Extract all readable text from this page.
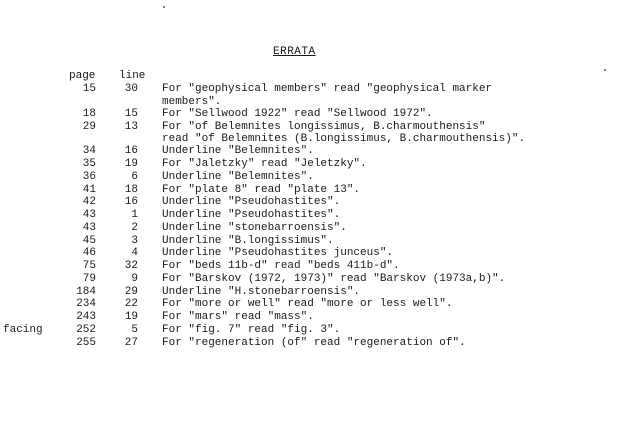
ERRATA
page line
15	30 For "geophysical members" read "geophysical marker
members".
18	15 For "Sellwood 1922" read "Sellwood 1972".
29	13 For "of Belemnites longissimus, B.charmouthensis"
read "of Belemnites (B.longissimus, B.charmouthensis)".
34	16 Underline "Belemnites".
35	19 For "Jaletzky" read "Jeletzky".
36	6 Underline "Belemnites".
41	18 For "plate 8" read "plate 13".
42	16 Underline "Pseudohastites".
43	1 Underline "Pseudohastites".
43	2 Underline "stonebarroensis".
45	3 Underline "B.longissimus".
46	4 Underline "Pseudohastites junceus".
75	32 For "beds 11b-d" read "beds 411b-d".
79	9 For "Barskov (1972, 1973)" read "Barskov (1973a,b)".
184	29 Underline "H.stonebarroensis".
234	22 For "more or well" read "more or less well".
243	19 For "mars" read "mass".
facing	252	5 For "fig. 7" read "fig. 3".
255	27 For "regeneration (of" read "regeneration of".
